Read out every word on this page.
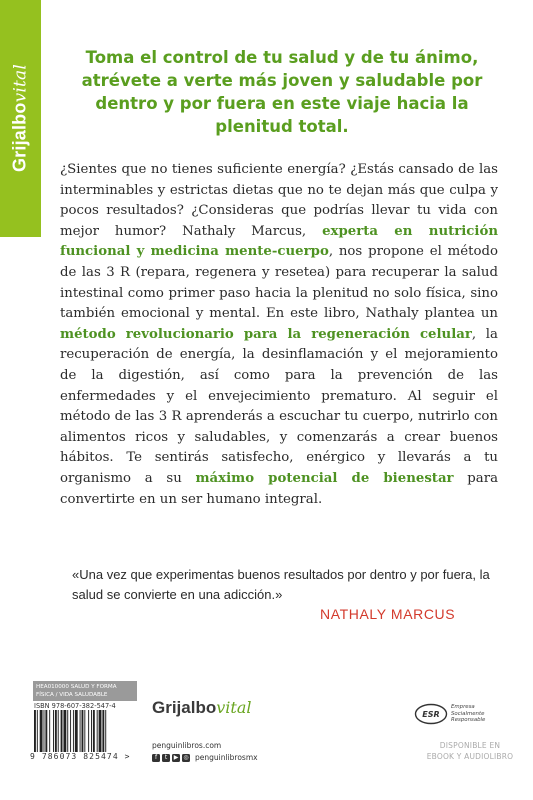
Grijalbovital
Toma el control de tu salud y de tu ánimo, atrévete a verte más joven y saludable por dentro y por fuera en este viaje hacia la plenitud total.
¿Sientes que no tienes suficiente energía? ¿Estás cansado de las interminables y estrictas dietas que no te dejan más que culpa y pocos resultados? ¿Consideras que podrías llevar tu vida con mejor humor? Nathaly Marcus, experta en nutrición funcional y medicina mente-cuerpo, nos propone el método de las 3 R (repara, regenera y resetea) para recuperar la salud intestinal como primer paso hacia la plenitud no solo física, sino también emocional y mental. En este libro, Nathaly plantea un método revolucionario para la regeneración celular, la recuperación de energía, la desinflamación y el mejoramiento de la digestión, así como para la prevención de las enfermedades y el envejecimiento prematuro. Al seguir el método de las 3 R aprenderás a escuchar tu cuerpo, nutrirlo con alimentos ricos y saludables, y comenzarás a crear buenos hábitos. Te sentirás satisfecho, enérgico y llevarás a tu organismo a su máximo potencial de bienestar para convertirte en un ser humano integral.
«Una vez que experimentas buenos resultados por dentro y por fuera, la salud se convierte en una adicción.»
NATHALY MARCUS
HEA010000 SALUD Y FORMA FÍSICA / VIDA SALUDABLE
ISBN 978-607-382-547-4
9 786073 825474 >
Grijalbovital	ESR
Empresa
Socialmente
Responsable
penguinlibros.com
f	t	▶ ◎ penguinlibrosmx
DISPONIBLE EN
EBOOK Y AUDIOLIBRO
